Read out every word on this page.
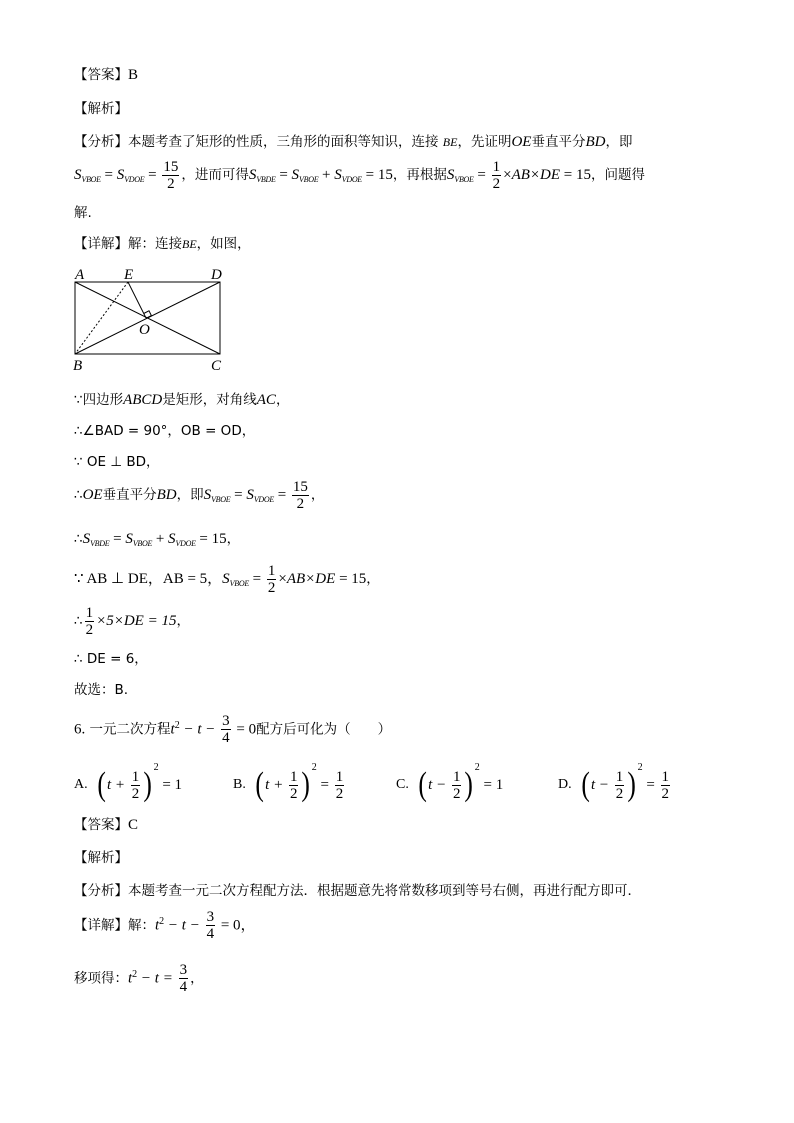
【答案】B
【解析】
【分析】本题考查了矩形的性质，三角形的面积等知识，连接 BE，先证明OE垂直平分BD，即
$S_{VBOE} = S_{VDOE} = \frac{15}{2}$ ，进而可得$S_{VBDE} = S_{VBOE} + S_{VDOE} = 15$，再根据$S_{VBOE} = \frac{1}{2} \times AB\times DE = 15$，问题得
解.
【详解】解：连接BE，如图，
A	E	D
O
B	C
∵四边形ABCD是矩形，对角线AC，
∴∠BAD = 90°，OB = OD，
∵ OE ⊥ BD，
∴OE垂直平分BD，即$S_{VBOE} = S_{VDOE} = \frac{15}{2}$ ，
$\therefore S_{VBDE} = S_{VBOE} + S_{VDOE} = 15$，
∵ AB ⊥ DE，AB = 5，$S_{VBOE} = \frac{1}{2} \times AB\times DE = 15$，
∴ $\frac{1}{2} \times 5\times DE = 15$，
∴ DE = 6，
故选：B.
6. 一元二次方程$t^2 - t - \frac{3}{4} = 0$配方后可化为（　　）
A. $(t + \frac{1}{2} )^2 = 1$	B. $(t + \frac{1}{2} )^2 = \frac{1}{2}$	C. $(t - \frac{1}{2} )^2 = 1$	D. $(t - \frac{1}{2} )^2 = \frac{1}{2}$
【答案】C
【解析】
【分析】本题考查一元二次方程配方法．根据题意先将常数移项到等号右侧，再进行配方即可．
【详解】解：$t^2 - t - \frac{3}{4} = 0$，
移项得：$t^2 - t = \frac{3}{4}$ ，
